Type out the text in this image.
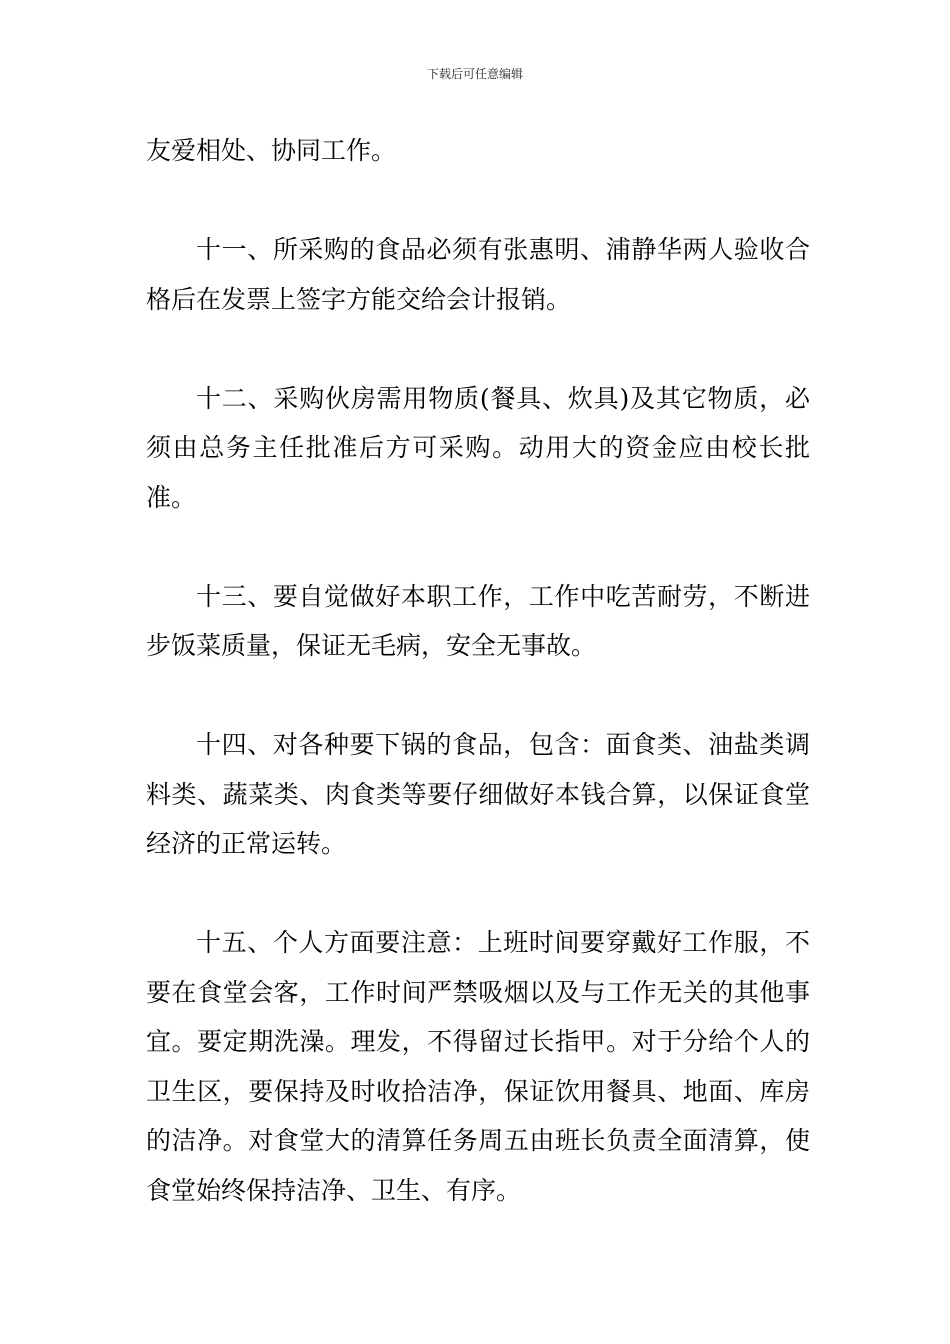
下载后可任意编辑

友爱相处、协同工作。

十一、所采购的食品必须有张惠明、浦静华两人验收合格后在发票上签字方能交给会计报销。

十二、采购伙房需用物质(餐具、炊具)及其它物质，必须由总务主任批准后方可采购。动用大的资金应由校长批准。

十三、要自觉做好本职工作，工作中吃苦耐劳，不断进步饭菜质量，保证无毛病，安全无事故。

十四、对各种要下锅的食品，包含：面食类、油盐类调料类、蔬菜类、肉食类等要仔细做好本钱合算，以保证食堂经济的正常运转。

十五、个人方面要注意：上班时间要穿戴好工作服，不要在食堂会客，工作时间严禁吸烟以及与工作无关的其他事宜。要定期洗澡。理发，不得留过长指甲。对于分给个人的卫生区，要保持及时收拾洁净，保证饮用餐具、地面、库房的洁净。对食堂大的清算任务周五由班长负责全面清算，使食堂始终保持洁净、卫生、有序。
